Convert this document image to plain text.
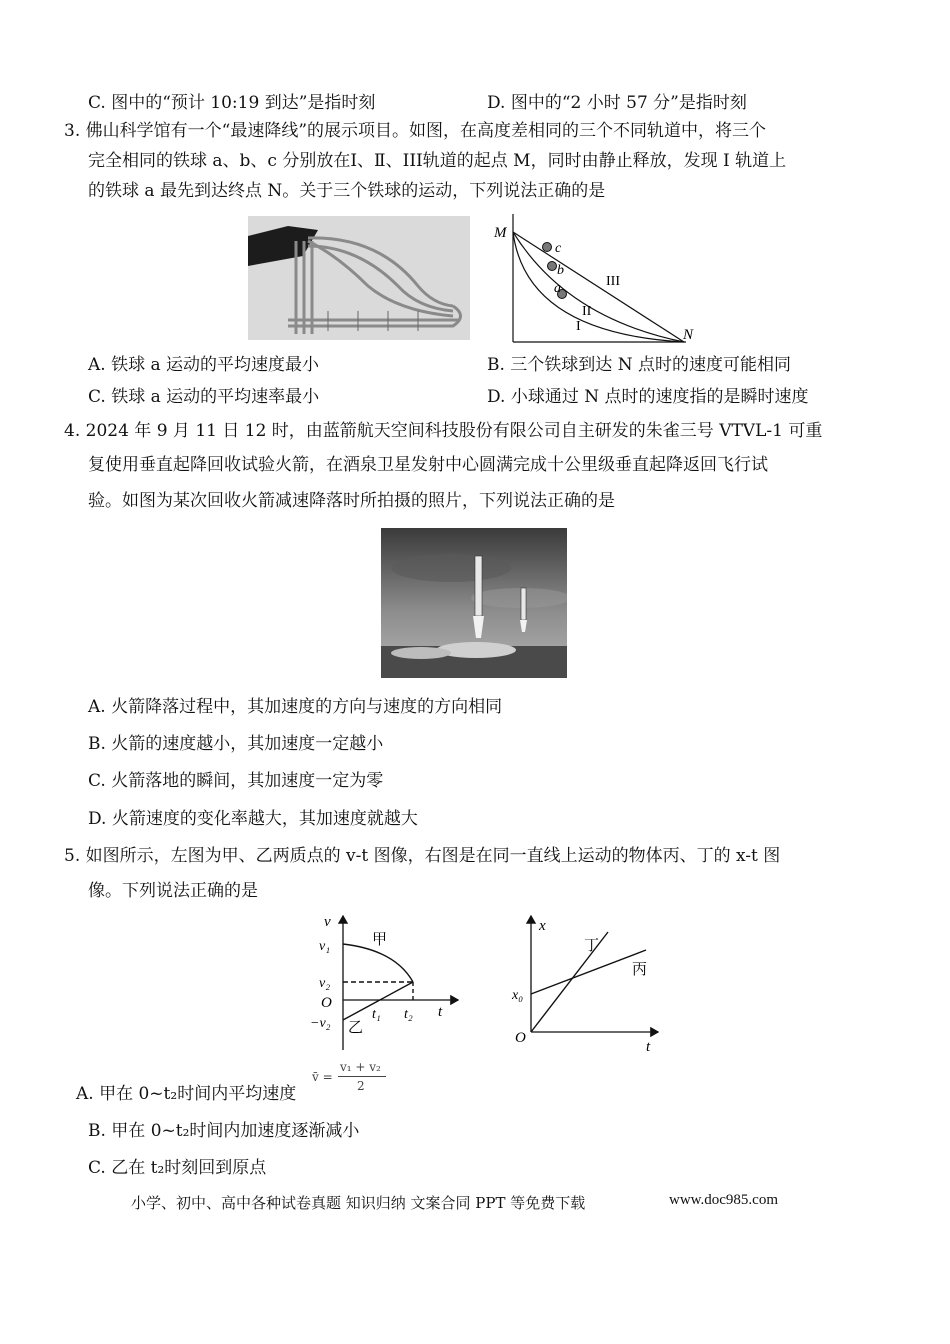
C. 图中的“预计 10:19 到达”是指时刻	D. 图中的“2 小时 57 分”是指时刻
3. 佛山科学馆有一个“最速降线”的展示项目。如图，在高度差相同的三个不同轨道中，将三个
完全相同的铁球 a、b、c 分别放在Ⅰ、Ⅱ、III轨道的起点 M，同时由静止释放，发现 I 轨道上
的铁球 a 最先到达终点 N。关于三个铁球的运动，下列说法正确的是
M
N
c
b
a	III
II
I
A. 铁球 a 运动的平均速度最小	B. 三个铁球到达 N 点时的速度可能相同
C. 铁球 a 运动的平均速率最小	D. 小球通过 N 点时的速度指的是瞬时速度
4. 2024 年 9 月 11 日 12 时，由蓝箭航天空间科技股份有限公司自主研发的朱雀三号 VTVL-1 可重
复使用垂直起降回收试验火箭，在酒泉卫星发射中心圆满完成十公里级垂直起降返回飞行试
验。如图为某次回收火箭减速降落时所拍摄的照片，下列说法正确的是
A. 火箭降落过程中，其加速度的方向与速度的方向相同
B. 火箭的速度越小，其加速度一定越小
C. 火箭落地的瞬间，其加速度一定为零
D. 火箭速度的变化率越大，其加速度就越大
5. 如图所示，左图为甲、乙两质点的 v-t 图像，右图是在同一直线上运动的物体丙、丁的 x-t 图
像。下列说法正确的是
v
v₁
v₂
O
−v₂
甲
乙
t₁ t₂ t
x
x₀
O
t
丁
丙
A. 甲在 0~t₂时间内平均速度
v̄ =
v₁ + v₂
2
B. 甲在 0~t₂时间内加速度逐渐减小
C. 乙在 t₂时刻回到原点
小学、初中、高中各种试卷真题 知识归纳 文案合同 PPT 等免费下载	www.doc985.com
